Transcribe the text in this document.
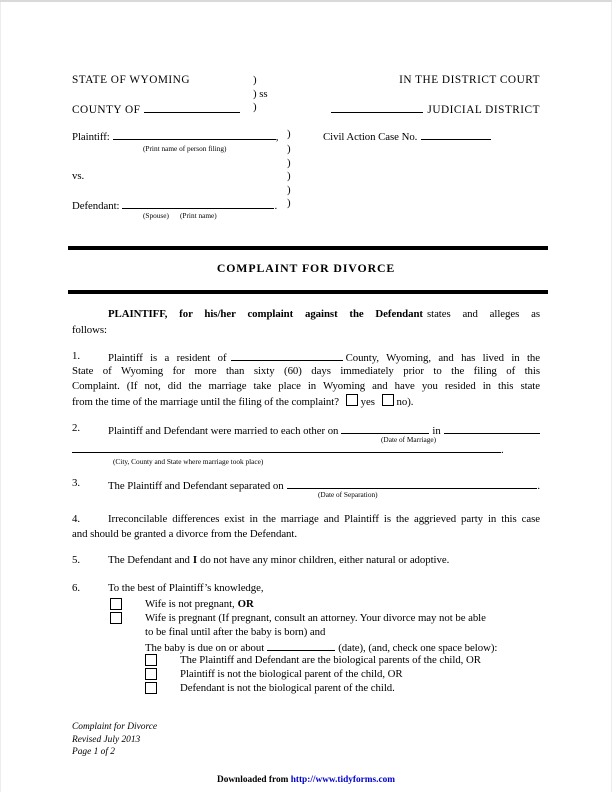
STATE OF WYOMING	)	IN THE DISTRICT COURT
) ss
COUNTY OF	)	JUDICIAL DISTRICT
Plaintiff:	, )	Civil Action Case No.
(Print name of person filing)	)
)
vs.	)
)
Defendant:	. )
(Spouse) (Print name)
COMPLAINT FOR DIVORCE
PLAINTIFF, for his/her complaint against the Defendant states and alleges as
follows:
1.	Plaintiff is a resident of	County, Wyoming, and has lived in the
State of Wyoming for more than sixty (60) days immediately prior to the filing of this
Complaint. (If not, did the marriage take place in Wyoming and have you resided in this state
from the time of the marriage until the filing of the complaint? yes no).
2.	Plaintiff and Defendant were married to each other on	in
(Date of Marriage)
.
(City, County and State where marriage took place)
3.	The Plaintiff and Defendant separated on	.
(Date of Separation)
4.	Irreconcilable differences exist in the marriage and Plaintiff is the aggrieved party in this case
and should be granted a divorce from the Defendant.
5.	The Defendant and I do not have any minor children, either natural or adoptive.
6.	To the best of Plaintiff’s knowledge,
Wife is not pregnant, OR
Wife is pregnant (If pregnant, consult an attorney. Your divorce may not be able
to be final until after the baby is born) and
The baby is due on or about	(date), (and, check one space below):
The Plaintiff and Defendant are the biological parents of the child, OR
Plaintiff is not the biological parent of the child, OR
Defendant is not the biological parent of the child.
Complaint for Divorce
Revised July 2013
Page 1 of 2
Downloaded from http://www.tidyforms.com
